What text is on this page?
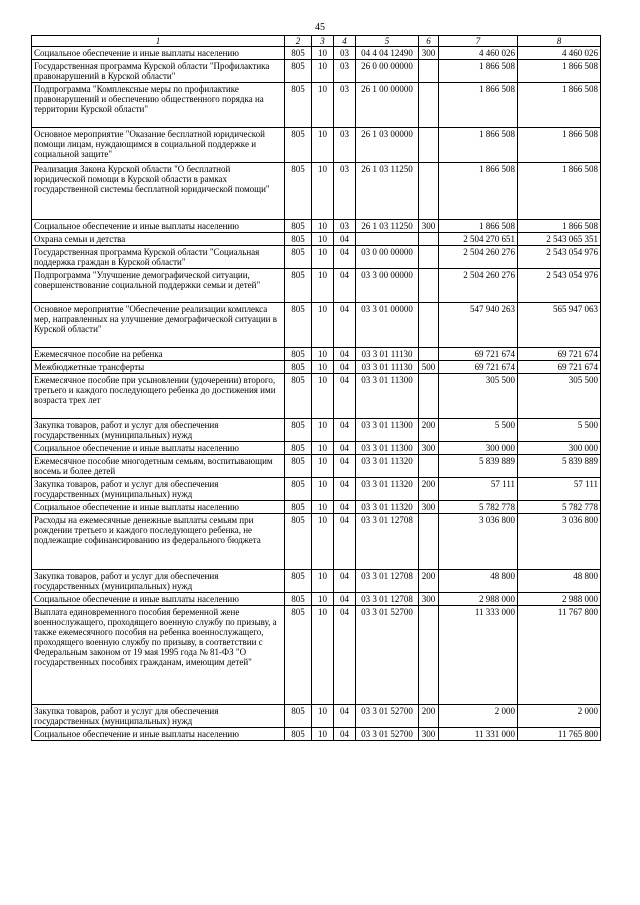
45
1	2	3	4	5	6	7	8
Социальное обеспечение и иные выплаты населению	805	10	03	04 4 04 12490	300	4 460 026	4 460 026
Государственная программа Курской области "Профилактика правонарушений в Курской области"	805	10	03	26 0 00 00000		1 866 508	1 866 508
Подпрограмма "Комплексные меры по профилактике правонарушений и обеспечению общественного порядка на территории Курской области"	805	10	03	26 1 00 00000		1 866 508	1 866 508
Основное мероприятие "Оказание бесплатной юридической помощи лицам, нуждающимся в социальной поддержке и социальной защите"	805	10	03	26 1 03 00000		1 866 508	1 866 508
Реализация Закона Курской области "О бесплатной юридической помощи в Курской области в рамках государственной системы бесплатной юридической помощи"	805	10	03	26 1 03 11250		1 866 508	1 866 508
Социальное обеспечение и иные выплаты населению	805	10	03	26 1 03 11250	300	1 866 508	1 866 508
Охрана семьи и детства	805	10	04			2 504 270 651	2 543 065 351
Государственная программа Курской области "Социальная поддержка граждан в Курской области"	805	10	04	03 0 00 00000		2 504 260 276	2 543 054 976
Подпрограмма "Улучшение демографической ситуации, совершенствование социальной поддержки семьи и детей"	805	10	04	03 3 00 00000		2 504 260 276	2 543 054 976
Основное мероприятие "Обеспечение реализации комплекса мер, направленных на улучшение демографической ситуации в Курской области"	805	10	04	03 3 01 00000		547 940 263	565 947 063
Ежемесячное пособие на ребенка	805	10	04	03 3 01 11130		69 721 674	69 721 674
Межбюджетные трансферты	805	10	04	03 3 01 11130	500	69 721 674	69 721 674
Ежемесячное пособие при усыновлении (удочерении) второго, третьего и каждого последующего ребенка до достижения ими возраста трех лет	805	10	04	03 3 01 11300		305 500	305 500
Закупка товаров, работ и услуг для обеспечения государственных (муниципальных) нужд	805	10	04	03 3 01 11300	200	5 500	5 500
Социальное обеспечение и иные выплаты населению	805	10	04	03 3 01 11300	300	300 000	300 000
Ежемесячное пособие многодетным семьям, воспитывающим восемь и более детей	805	10	04	03 3 01 11320		5 839 889	5 839 889
Закупка товаров, работ и услуг для обеспечения государственных (муниципальных) нужд	805	10	04	03 3 01 11320	200	57 111	57 111
Социальное обеспечение и иные выплаты населению	805	10	04	03 3 01 11320	300	5 782 778	5 782 778
Расходы на ежемесячные денежные выплаты семьям при рождении третьего и каждого последующего ребенка, не подлежащие софинансированию из федерального бюджета	805	10	04	03 3 01 12708		3 036 800	3 036 800
Закупка товаров, работ и услуг для обеспечения государственных (муниципальных) нужд	805	10	04	03 3 01 12708	200	48 800	48 800
Социальное обеспечение и иные выплаты населению	805	10	04	03 3 01 12708	300	2 988 000	2 988 000
Выплата единовременного пособия беременной жене военнослужащего, проходящего военную службу по призыву, а также ежемесячного пособия на ребенка военнослужащего, проходящего военную службу по призыву, в соответствии с Федеральным законом от 19 мая 1995 года № 81-ФЗ "О государственных пособиях гражданам, имеющим детей"	805	10	04	03 3 01 52700		11 333 000	11 767 800
Закупка товаров, работ и услуг для обеспечения государственных (муниципальных) нужд	805	10	04	03 3 01 52700	200	2 000	2 000
Социальное обеспечение и иные выплаты населению	805	10	04	03 3 01 52700	300	11 331 000	11 765 800
